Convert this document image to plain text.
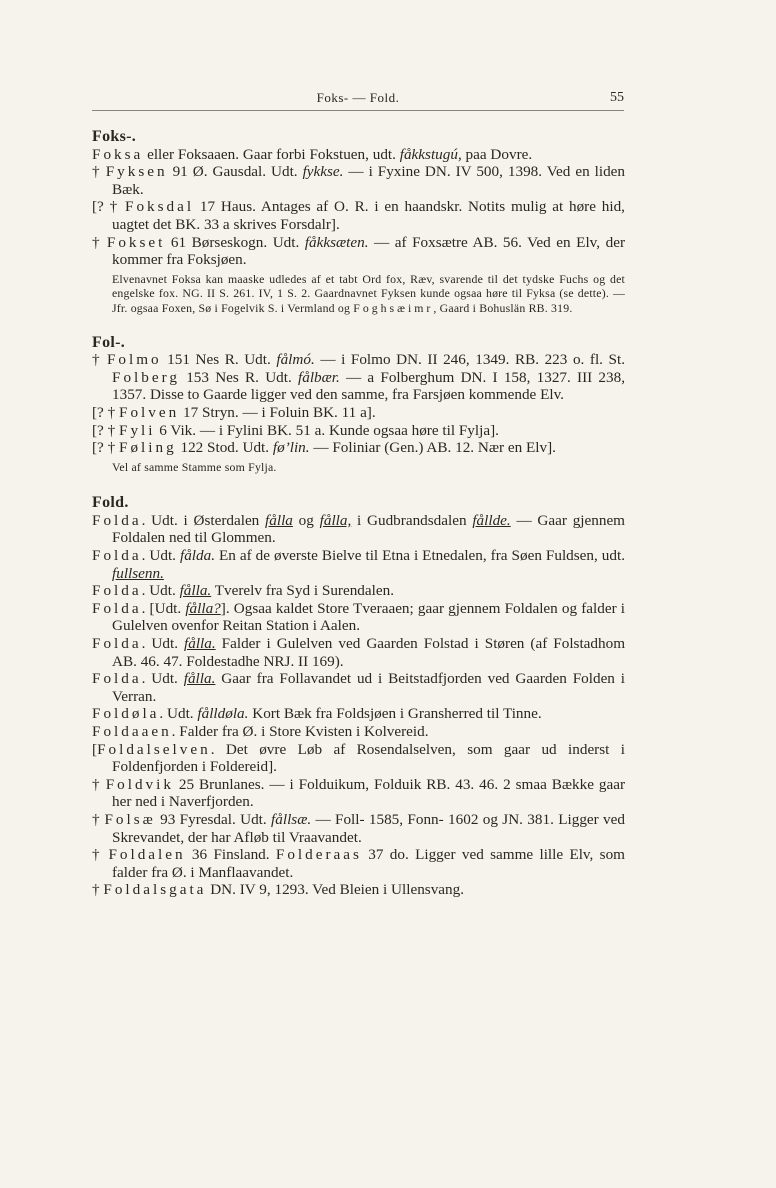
Foks- — Fold.	55
Foks-.
Foksa eller Foksaaen. Gaar forbi Fokstuen, udt. fåkkstugú, paa Dovre.
† Fyksen 91 Ø. Gausdal. Udt. fykkse. — i Fyxine DN. IV 500, 1398. Ved en liden Bæk.
[? † Foksdal 17 Haus. Antages af O. R. i en haandskr. Notits mulig at høre hid, uagtet det BK. 33 a skrives Forsdalr].
† Fokset 61 Børseskogn. Udt. fåkksæten. — af Foxsætre AB. 56. Ved en Elv, der kommer fra Foksjøen.
Elvenavnet Foksa kan maaske udledes af et tabt Ord fox, Ræv, svarende til det tydske Fuchs og det engelske fox. NG. II S. 261. IV, 1 S. 2. Gaardnavnet Fyksen kunde ogsaa høre til Fyksa (se dette). — Jfr. ogsaa Foxen, Sø i Fogelvik S. i Vermland og Foghsæimr, Gaard i Bohuslän RB. 319.
Fol-.
† Folmo 151 Nes R. Udt. fålmó. — i Folmo DN. II 246, 1349. RB. 223 o. fl. St. Folberg 153 Nes R. Udt. fålbær. — a Folberghum DN. I 158, 1327. III 238, 1357. Disse to Gaarde ligger ved den samme, fra Farsjøen kommende Elv.
[? † Folven 17 Stryn. — i Foluin BK. 11 a].
[? † Fyli 6 Vik. — i Fylini BK. 51 a. Kunde ogsaa høre til Fylja].
[? † Føling 122 Stod. Udt. fø’lin. — Foliniar (Gen.) AB. 12. Nær en Elv].
Vel af samme Stamme som Fylja.
Fold.
Folda. Udt. i Østerdalen fålla og fålla, i Gudbrandsdalen fållde. — Gaar gjennem Foldalen ned til Glommen.
Folda. Udt. fålda. En af de øverste Bielve til Etna i Etnedalen, fra Søen Fuldsen, udt. fullsenn.
Folda. Udt. fålla. Tverelv fra Syd i Surendalen.
Folda. [Udt. fålla?]. Ogsaa kaldet Store Tveraaen; gaar gjennem Foldalen og falder i Gulelven ovenfor Reitan Station i Aalen.
Folda. Udt. fålla. Falder i Gulelven ved Gaarden Folstad i Støren (af Folstadhom AB. 46. 47. Foldestadhe NRJ. II 169).
Folda. Udt. fålla. Gaar fra Follavandet ud i Beitstadfjorden ved Gaarden Folden i Verran.
Foldøla. Udt. fålldøla. Kort Bæk fra Foldsjøen i Gransherred til Tinne.
Foldaaen. Falder fra Ø. i Store Kvisten i Kolvereid.
[Foldalselven. Det øvre Løb af Rosendalselven, som gaar ud inderst i Foldenfjorden i Foldereid].
† Foldvik 25 Brunlanes. — i Folduikum, Folduik RB. 43. 46. 2 smaa Bække gaar her ned i Naverfjorden.
† Folsæ 93 Fyresdal. Udt. fållsæ. — Foll- 1585, Fonn- 1602 og JN. 381. Ligger ved Skrevandet, der har Afløb til Vraavandet.
† Foldalen 36 Finsland. Folderaas 37 do. Ligger ved samme lille Elv, som falder fra Ø. i Manflaavandet.
† Foldalsgata DN. IV 9, 1293. Ved Bleien i Ullensvang.
